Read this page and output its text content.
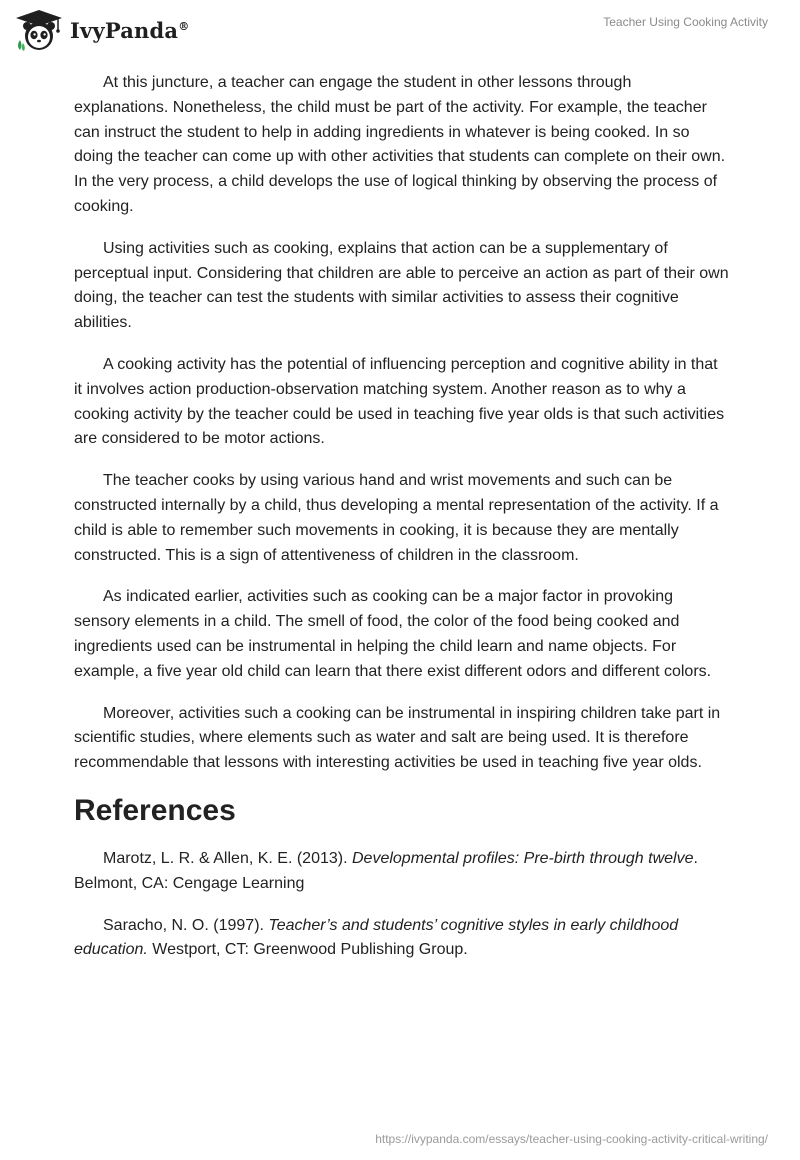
IvyPanda®	Teacher Using Cooking Activity

At this juncture, a teacher can engage the student in other lessons through explanations. Nonetheless, the child must be part of the activity. For example, the teacher can instruct the student to help in adding ingredients in whatever is being cooked. In so doing the teacher can come up with other activities that students can complete on their own. In the very process, a child develops the use of logical thinking by observing the process of cooking.

Using activities such as cooking, explains that action can be a supplementary of perceptual input. Considering that children are able to perceive an action as part of their own doing, the teacher can test the students with similar activities to assess their cognitive abilities.

A cooking activity has the potential of influencing perception and cognitive ability in that it involves action production-observation matching system. Another reason as to why a cooking activity by the teacher could be used in teaching five year olds is that such activities are considered to be motor actions.

The teacher cooks by using various hand and wrist movements and such can be constructed internally by a child, thus developing a mental representation of the activity. If a child is able to remember such movements in cooking, it is because they are mentally constructed. This is a sign of attentiveness of children in the classroom.

As indicated earlier, activities such as cooking can be a major factor in provoking sensory elements in a child. The smell of food, the color of the food being cooked and ingredients used can be instrumental in helping the child learn and name objects. For example, a five year old child can learn that there exist different odors and different colors.

Moreover, activities such a cooking can be instrumental in inspiring children take part in scientific studies, where elements such as water and salt are being used. It is therefore recommendable that lessons with interesting activities be used in teaching five year olds.

References

Marotz, L. R. & Allen, K. E. (2013). Developmental profiles: Pre-birth through twelve. Belmont, CA: Cengage Learning

Saracho, N. O. (1997). Teacher’s and students’ cognitive styles in early childhood education. Westport, CT: Greenwood Publishing Group.

https://ivypanda.com/essays/teacher-using-cooking-activity-critical-writing/
